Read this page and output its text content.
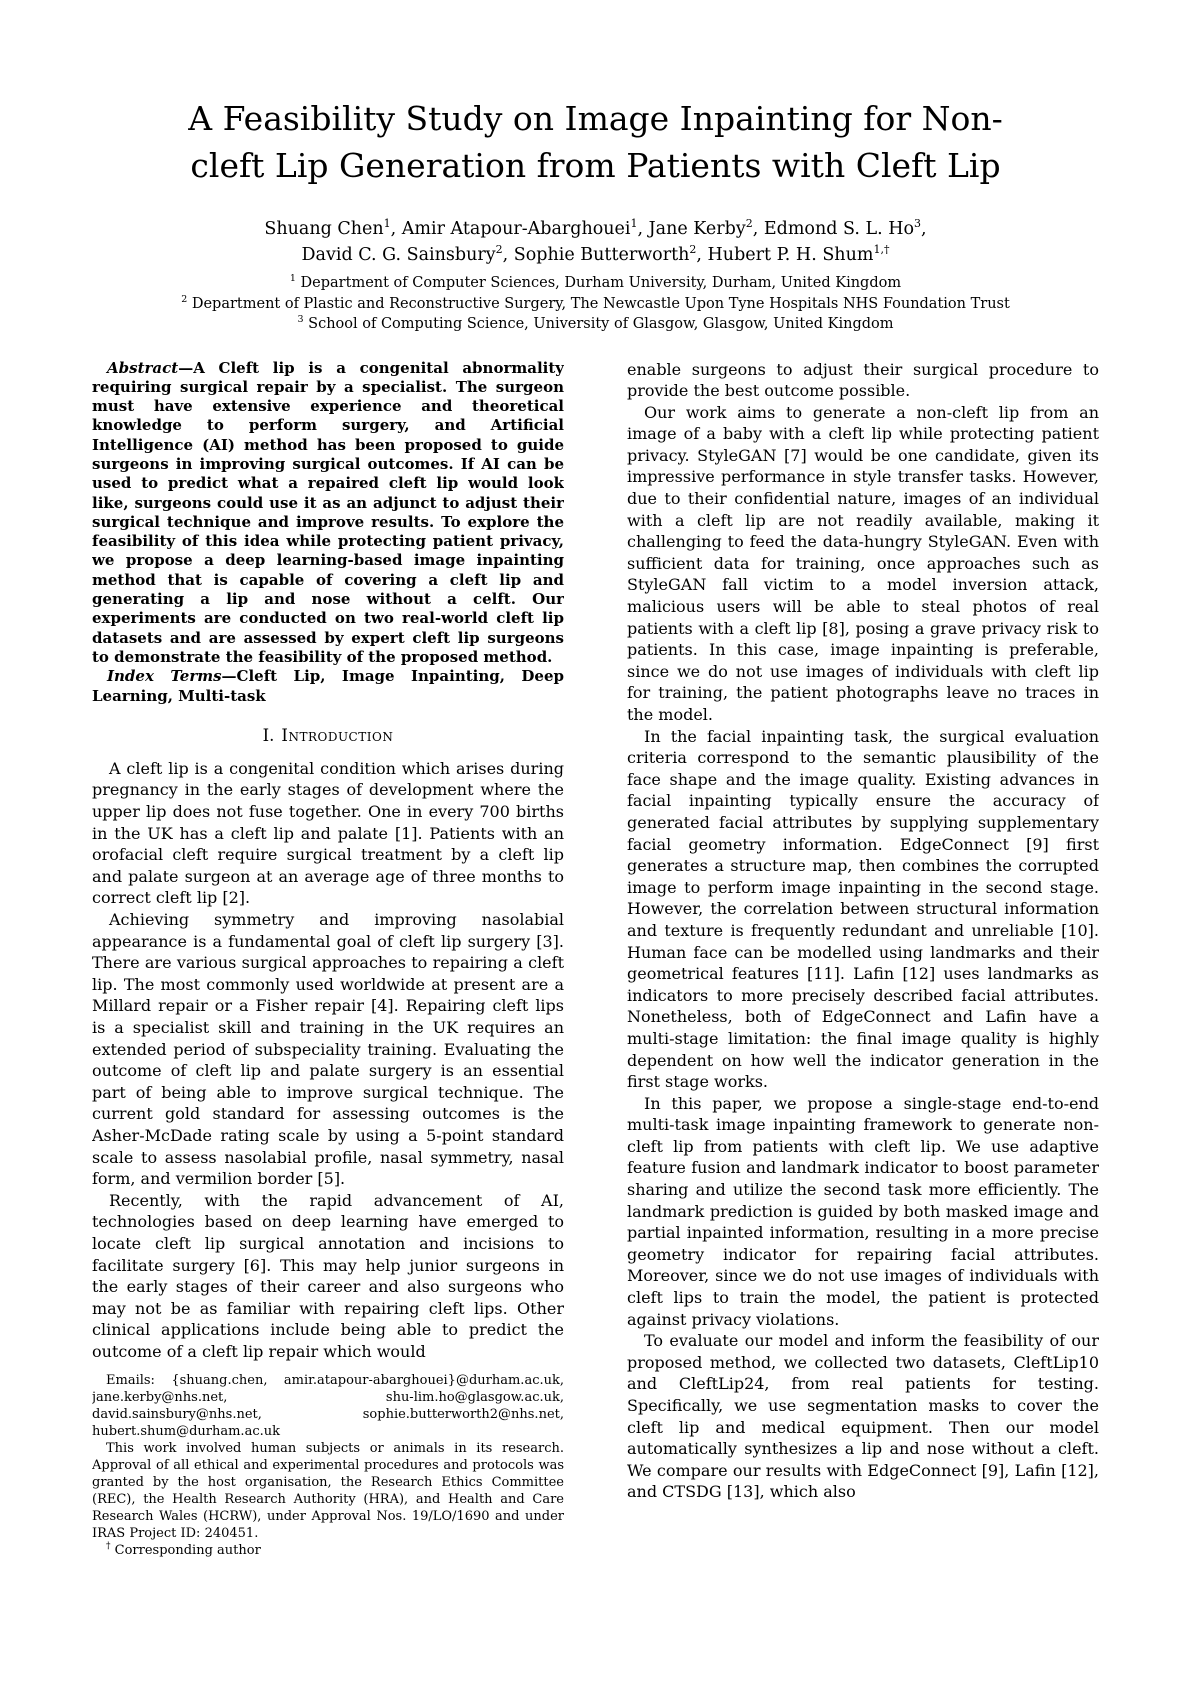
A Feasibility Study on Image Inpainting for Non-
cleft Lip Generation from Patients with Cleft Lip
Shuang Chen$^1$, Amir Atapour-Abarghouei$^1$, Jane Kerby$^2$, Edmond S. L. Ho$^3$,
David C. G. Sainsbury$^2$, Sophie Butterworth$^2$, Hubert P. H. Shum$^{1,\dagger}$
$^1$ Department of Computer Sciences, Durham University, Durham, United Kingdom
$^2$ Department of Plastic and Reconstructive Surgery, The Newcastle Upon Tyne Hospitals NHS Foundation Trust
$^3$ School of Computing Science, University of Glasgow, Glasgow, United Kingdom

Abstract—A Cleft lip is a congenital abnormality requiring surgical repair by a specialist. The surgeon must have extensive experience and theoretical knowledge to perform surgery, and Artificial Intelligence (AI) method has been proposed to guide surgeons in improving surgical outcomes. If AI can be used to predict what a repaired cleft lip would look like, surgeons could use it as an adjunct to adjust their surgical technique and improve results. To explore the feasibility of this idea while protecting patient privacy, we propose a deep learning-based image inpainting method that is capable of covering a cleft lip and generating a lip and nose without a celft. Our experiments are conducted on two real-world cleft lip datasets and are assessed by expert cleft lip surgeons to demonstrate the feasibility of the proposed method.

Index Terms—Cleft Lip, Image Inpainting, Deep Learning, Multi-task

I. Introduction

A cleft lip is a congenital condition which arises during pregnancy in the early stages of development where the upper lip does not fuse together. One in every 700 births in the UK has a cleft lip and palate [1]. Patients with an orofacial cleft require surgical treatment by a cleft lip and palate surgeon at an average age of three months to correct cleft lip [2].

Achieving symmetry and improving nasolabial appearance is a fundamental goal of cleft lip surgery [3]. There are various surgical approaches to repairing a cleft lip. The most commonly used worldwide at present are a Millard repair or a Fisher repair [4]. Repairing cleft lips is a specialist skill and training in the UK requires an extended period of subspeciality training. Evaluating the outcome of cleft lip and palate surgery is an essential part of being able to improve surgical technique. The current gold standard for assessing outcomes is the Asher-McDade rating scale by using a 5-point standard scale to assess nasolabial profile, nasal symmetry, nasal form, and vermilion border [5].

Recently, with the rapid advancement of AI, technologies based on deep learning have emerged to locate cleft lip surgical annotation and incisions to facilitate surgery [6]. This may help junior surgeons in the early stages of their career and also surgeons who may not be as familiar with repairing cleft lips. Other clinical applications include being able to predict the outcome of a cleft lip repair which would

Emails: {shuang.chen, amir.atapour-abarghouei}@durham.ac.uk, jane.kerby@nhs.net, shu-lim.ho@glasgow.ac.uk, david.sainsbury@nhs.net, sophie.butterworth2@nhs.net, hubert.shum@durham.ac.uk

This work involved human subjects or animals in its research. Approval of all ethical and experimental procedures and protocols was granted by the host organisation, the Research Ethics Committee (REC), the Health Research Authority (HRA), and Health and Care Research Wales (HCRW), under Approval Nos. 19/LO/1690 and under IRAS Project ID: 240451.

† Corresponding author

enable surgeons to adjust their surgical procedure to provide the best outcome possible.

Our work aims to generate a non-cleft lip from an image of a baby with a cleft lip while protecting patient privacy. StyleGAN [7] would be one candidate, given its impressive performance in style transfer tasks. However, due to their confidential nature, images of an individual with a cleft lip are not readily available, making it challenging to feed the data-hungry StyleGAN. Even with sufficient data for training, once approaches such as StyleGAN fall victim to a model inversion attack, malicious users will be able to steal photos of real patients with a cleft lip [8], posing a grave privacy risk to patients. In this case, image inpainting is preferable, since we do not use images of individuals with cleft lip for training, the patient photographs leave no traces in the model.

In the facial inpainting task, the surgical evaluation criteria correspond to the semantic plausibility of the face shape and the image quality. Existing advances in facial inpainting typically ensure the accuracy of generated facial attributes by supplying supplementary facial geometry information. EdgeConnect [9] first generates a structure map, then combines the corrupted image to perform image inpainting in the second stage. However, the correlation between structural information and texture is frequently redundant and unreliable [10]. Human face can be modelled using landmarks and their geometrical features [11]. Lafin [12] uses landmarks as indicators to more precisely described facial attributes. Nonetheless, both of EdgeConnect and Lafin have a multi-stage limitation: the final image quality is highly dependent on how well the indicator generation in the first stage works.

In this paper, we propose a single-stage end-to-end multi-task image inpainting framework to generate non-cleft lip from patients with cleft lip. We use adaptive feature fusion and landmark indicator to boost parameter sharing and utilize the second task more efficiently. The landmark prediction is guided by both masked image and partial inpainted information, resulting in a more precise geometry indicator for repairing facial attributes. Moreover, since we do not use images of individuals with cleft lips to train the model, the patient is protected against privacy violations.

To evaluate our model and inform the feasibility of our proposed method, we collected two datasets, CleftLip10 and CleftLip24, from real patients for testing. Specifically, we use segmentation masks to cover the cleft lip and medical equipment. Then our model automatically synthesizes a lip and nose without a cleft. We compare our results with EdgeConnect [9], Lafin [12], and CTSDG [13], which also
